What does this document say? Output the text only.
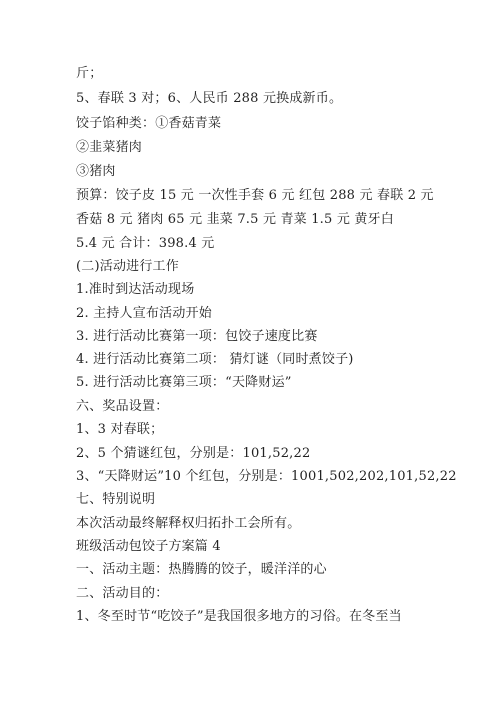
斤；
5、春联 3 对；6、人民币 288 元换成新币。
饺子馅种类：①香菇青菜
②韭菜猪肉
③猪肉
预算：饺子皮 15 元 一次性手套 6 元 红包 288 元 春联 2 元
香菇 8 元 猪肉 65 元 韭菜 7.5 元 青菜 1.5 元 黄牙白
5.4 元 合计：398.4 元
(二)活动进行工作
1.准时到达活动现场
2. 主持人宣布活动开始
3. 进行活动比赛第一项：包饺子速度比赛
4. 进行活动比赛第二项： 猜灯谜（同时煮饺子)
5. 进行活动比赛第三项：“天降财运”
六、奖品设置：
1、3 对春联；
2、5 个猜谜红包，分别是：101,52,22
3、“天降财运”10 个红包，分别是：1001,502,202,101,52,22
七、特别说明
本次活动最终解释权归拓扑工会所有。
班级活动包饺子方案篇 4
一、活动主题：热腾腾的饺子，暖洋洋的心
二、活动目的：
1、冬至时节“吃饺子”是我国很多地方的习俗。在冬至当
